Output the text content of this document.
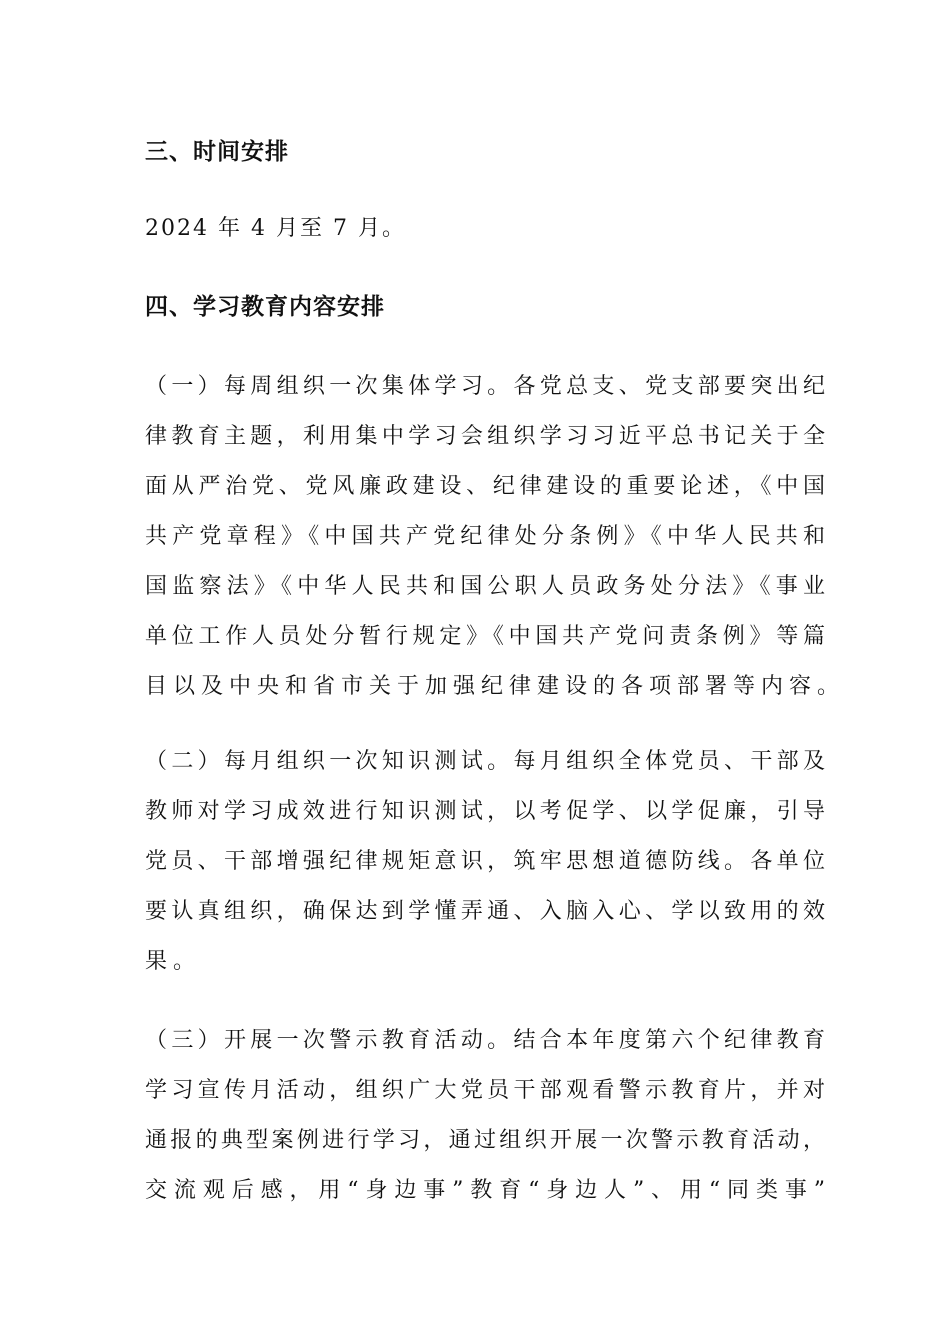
三、时间安排
2024 年 4 月至 7 月。
四、学习教育内容安排
（一）每周组织一次集体学习。各党总支、党支部要突出纪
律教育主题，利用集中学习会组织学习习近平总书记关于全
面从严治党、党风廉政建设、纪律建设的重要论述，《中国
共产党章程》《中国共产党纪律处分条例》《中华人民共和
国监察法》《中华人民共和国公职人员政务处分法》《事业
单位工作人员处分暂行规定》《中国共产党问责条例》等篇
目以及中央和省市关于加强纪律建设的各项部署等内容。
（二）每月组织一次知识测试。每月组织全体党员、干部及
教师对学习成效进行知识测试，以考促学、以学促廉，引导
党员、干部增强纪律规矩意识，筑牢思想道德防线。各单位
要认真组织，确保达到学懂弄通、入脑入心、学以致用的效
果。
（三）开展一次警示教育活动。结合本年度第六个纪律教育
学习宣传月活动，组织广大党员干部观看警示教育片，并对
通报的典型案例进行学习，通过组织开展一次警示教育活动，
交流观后感，用“身边事”教育“身边人”、用“同类事”
